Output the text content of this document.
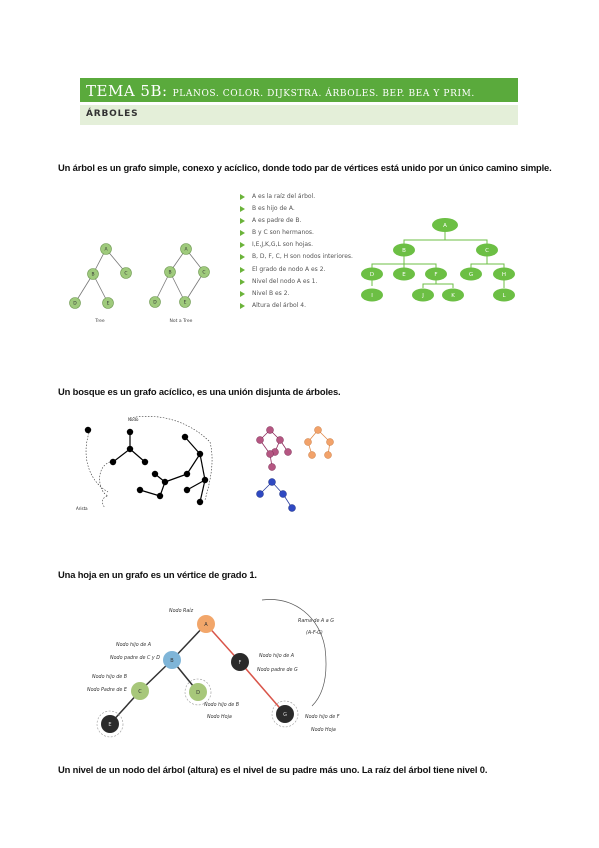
TEMA 5B: PLANOS. COLOR. DIJKSTRA. ÁRBOLES. BEP. BEA Y PRIM.
ÁRBOLES
Un árbol es un grafo simple, conexo y acíclico, donde todo par de vértices está unido por un único camino simple.
Un bosque es un grafo acíclico, es una unión disjunta de árboles.
Una hoja en un grafo es un vértice de grado 1.
Un nivel de un nodo del árbol (altura) es el nivel de su padre más uno. La raíz del árbol tiene nivel 0.
A
B	C
D	E
A
B	C
D	E
Tree	Not a Tree
A es la raíz del árbol.
B es hijo de A.
A es padre de B.
B y C son hermanos.
I,E,J,K,G,L son hojas.
B, D, F, C, H son nodos interiores.
El grado de nodo A es 2.
Nivel del nodo A es 1.
Nivel B es 2.
Altura del árbol 4.
A
B	C
D	E	F	G	H
I	J	K	L
Nodo
Arista
A
B
C	D
E
F
G
Nodo Raíz
Nodo hijo de A
Nodo padre de C y D
Nodo hijo de B
Nodo Padre de E
Nodo hijo de B
Nodo Hoja
Nodo hijo de A
Nodo padre de G
Nodo hijo de F
Nodo Hoja
Rama de A a G
(A-F-G)
